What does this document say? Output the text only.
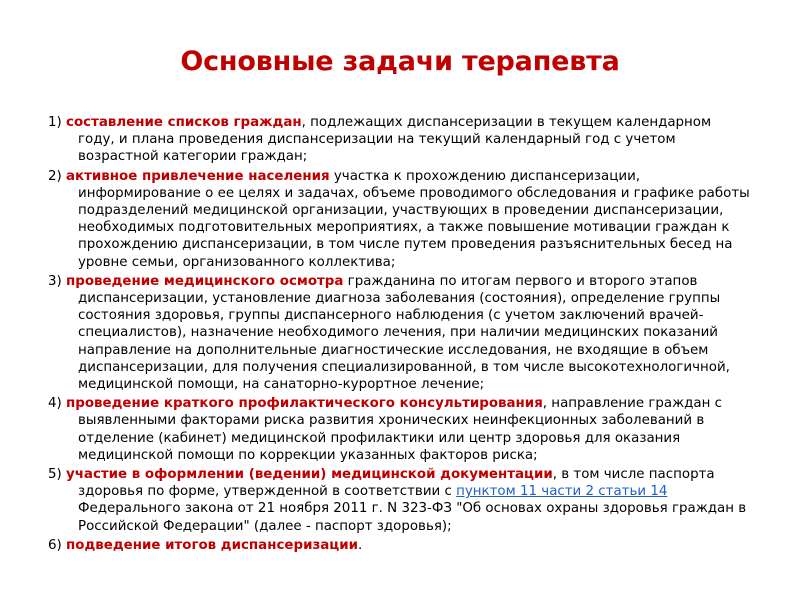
Основные задачи терапевта
1) составление списков граждан, подлежащих диспансеризации в текущем календарном году, и плана проведения диспансеризации на текущий календарный год с учетом возрастной категории граждан;
2) активное привлечение населения участка к прохождению диспансеризации, информирование о ее целях и задачах, объеме проводимого обследования и графике работы подразделений медицинской организации, участвующих в проведении диспансеризации, необходимых подготовительных мероприятиях, а также повышение мотивации граждан к прохождению диспансеризации, в том числе путем проведения разъяснительных бесед на уровне семьи, организованного коллектива;
3) проведение медицинского осмотра гражданина по итогам первого и второго этапов диспансеризации, установление диагноза заболевания (состояния), определение группы состояния здоровья, группы диспансерного наблюдения (с учетом заключений врачей-специалистов), назначение необходимого лечения, при наличии медицинских показаний направление на дополнительные диагностические исследования, не входящие в объем диспансеризации, для получения специализированной, в том числе высокотехнологичной, медицинской помощи, на санаторно-курортное лечение;
4) проведение краткого профилактического консультирования, направление граждан с выявленными факторами риска развития хронических неинфекционных заболеваний в отделение (кабинет) медицинской профилактики или центр здоровья для оказания медицинской помощи по коррекции указанных факторов риска;
5) участие в оформлении (ведении) медицинской документации, в том числе паспорта здоровья по форме, утвержденной в соответствии с пунктом 11 части 2 статьи 14 Федерального закона от 21 ноября 2011 г. N 323-ФЗ "Об основах охраны здоровья граждан в Российской Федерации" (далее - паспорт здоровья);
6) подведение итогов диспансеризации.
